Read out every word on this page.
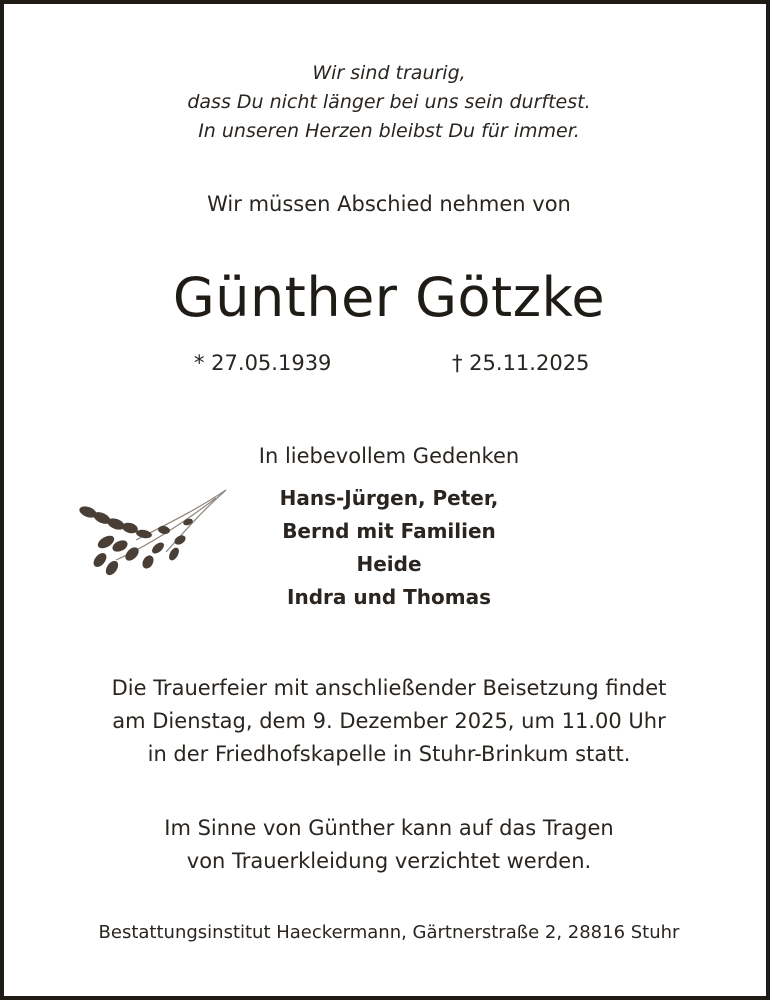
Wir sind traurig,
dass Du nicht länger bei uns sein durftest.
In unseren Herzen bleibst Du für immer.
Wir müssen Abschied nehmen von
Günther Götzke
* 27.05.1939	† 25.11.2025
In liebevollem Gedenken
Hans-Jürgen, Peter,
Bernd mit Familien
Heide
Indra und Thomas
Die Trauerfeier mit anschließender Beisetzung findet
am Dienstag, dem 9. Dezember 2025, um 11.00 Uhr
in der Friedhofskapelle in Stuhr-Brinkum statt.
Im Sinne von Günther kann auf das Tragen
von Trauerkleidung verzichtet werden.
Bestattungsinstitut Haeckermann, Gärtnerstraße 2, 28816 Stuhr
